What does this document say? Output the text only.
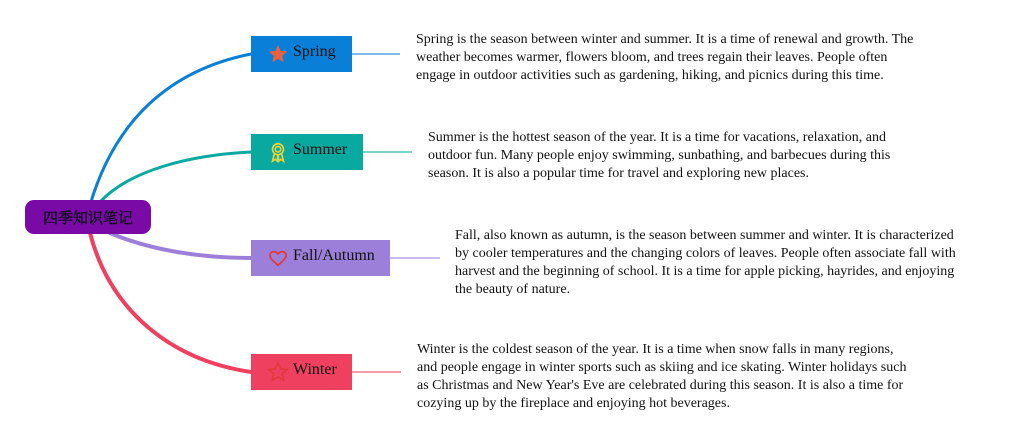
四季知识笔记
Spring
Spring is the season between winter and summer. It is a time of renewal and growth. The weather becomes warmer, flowers bloom, and trees regain their leaves. People often engage in outdoor activities such as gardening, hiking, and picnics during this time.
Summer
Summer is the hottest season of the year. It is a time for vacations, relaxation, and outdoor fun. Many people enjoy swimming, sunbathing, and barbecues during this season. It is also a popular time for travel and exploring new places.
Fall/Autumn
Fall, also known as autumn, is the season between summer and winter. It is characterized by cooler temperatures and the changing colors of leaves. People often associate fall with harvest and the beginning of school. It is a time for apple picking, hayrides, and enjoying the beauty of nature.
Winter
Winter is the coldest season of the year. It is a time when snow falls in many regions, and people engage in winter sports such as skiing and ice skating. Winter holidays such as Christmas and New Year's Eve are celebrated during this season. It is also a time for cozying up by the fireplace and enjoying hot beverages.
